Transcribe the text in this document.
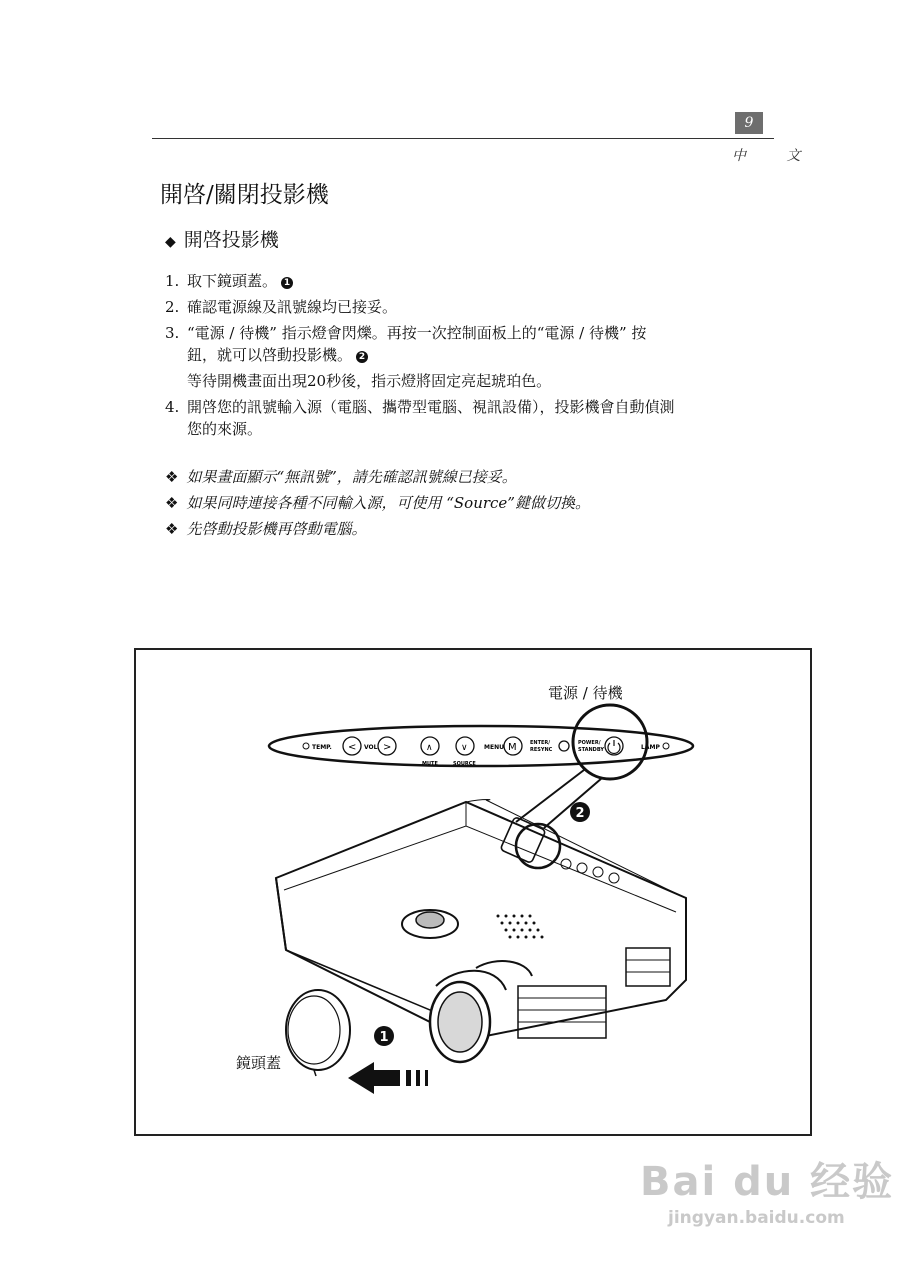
9
中 文
開啓/關閉投影機
◆ 開啓投影機
1. 取下鏡頭蓋。 1
2. 確認電源線及訊號線均已接妥。
3. “電源 / 待機” 指示燈會閃爍。再按一次控制面板上的“電源 / 待機” 按
鈕，就可以啓動投影機。 2
等待開機畫面出現20秒後，指示燈將固定亮起琥珀色。
4. 開啓您的訊號輸入源（電腦、攜帶型電腦、視訊設備），投影機會自動偵測
您的來源。
❖ 如果畫面顯示“無訊號”，請先確認訊號線已接妥。
❖ 如果同時連接各種不同輸入源，可使用 “Source”鍵做切換。
❖ 先啓動投影機再啓動電腦。
電源 / 待機
TEMP. < VOL >	∧
MUTE
∨
SOURCE
MENU M	ENTER/
RESYNC
POWER/
STANDBY	LAMP
2
1
鏡頭蓋
Bai du 经验
jingyan.baidu.com
